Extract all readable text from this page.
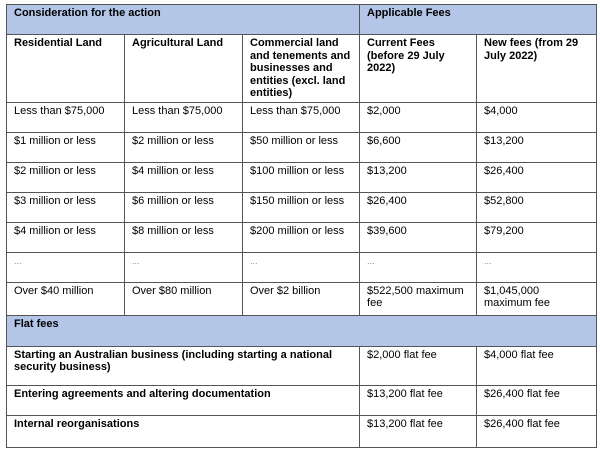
Consideration for the action			Applicable Fees	
Residential Land	Agricultural Land	Commercial land and tenements and businesses and entities (excl. land entities)	Current Fees (before 29 July 2022)	New fees (from 29 July 2022)
Less than $75,000	Less than $75,000	Less than $75,000	$2,000	$4,000
$1 million or less	$2 million or less	$50 million or less	$6,600	$13,200
$2 million or less	$4 million or less	$100 million or less	$13,200	$26,400
$3 million or less	$6 million or less	$150 million or less	$26,400	$52,800
$4 million or less	$8 million or less	$200 million or less	$39,600	$79,200
...	...	...	...	...
Over $40 million	Over $80 million	Over $2 billion	$522,500 maximum fee	$1,045,000 maximum fee
Flat fees				
Starting an Australian business (including starting a national security business)			$2,000 flat fee	$4,000 flat fee
Entering agreements and altering documentation			$13,200 flat fee	$26,400 flat fee
Internal reorganisations			$13,200 flat fee	$26,400 flat fee
